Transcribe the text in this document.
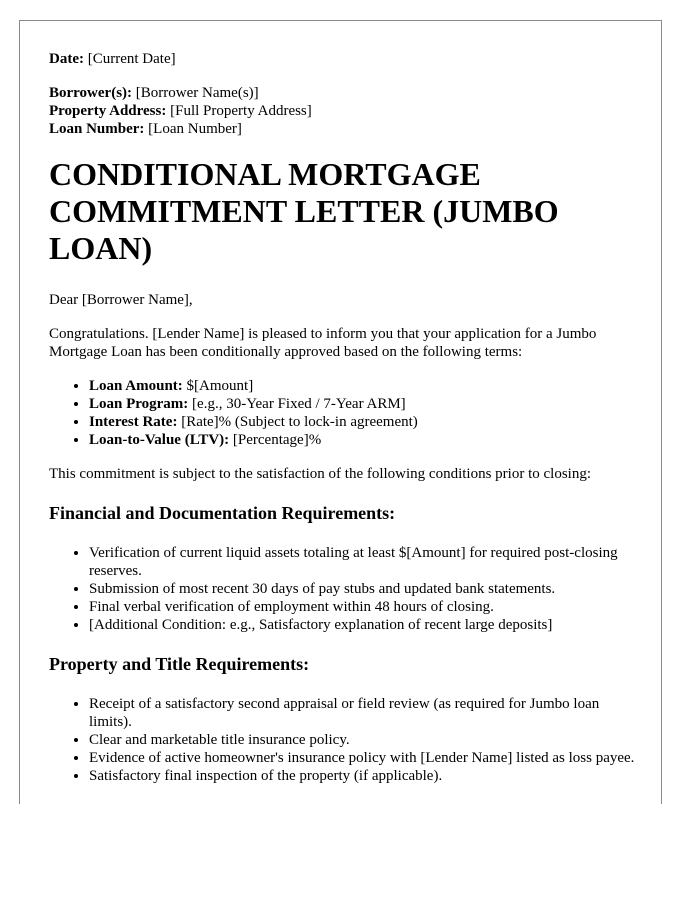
Date: [Current Date]

Borrower(s): [Borrower Name(s)]

Property Address: [Full Property Address]

Loan Number: [Loan Number]

CONDITIONAL MORTGAGE COMMITMENT LETTER (JUMBO LOAN)

Dear [Borrower Name],

Congratulations. [Lender Name] is pleased to inform you that your application for a Jumbo Mortgage Loan has been conditionally approved based on the following terms:

• Loan Amount: $[Amount]
• Loan Program: [e.g., 30-Year Fixed / 7-Year ARM]
• Interest Rate: [Rate]% (Subject to lock-in agreement)
• Loan-to-Value (LTV): [Percentage]%

This commitment is subject to the satisfaction of the following conditions prior to closing:

Financial and Documentation Requirements:
• Verification of current liquid assets totaling at least $[Amount] for required post-closing reserves.
• Submission of most recent 30 days of pay stubs and updated bank statements.
• Final verbal verification of employment within 48 hours of closing.
• [Additional Condition: e.g., Satisfactory explanation of recent large deposits]
Property and Title Requirements:
• Receipt of a satisfactory second appraisal or field review (as required for Jumbo loan limits).
• Clear and marketable title insurance policy.
• Evidence of active homeowner's insurance policy with [Lender Name] listed as loss payee.
• Satisfactory final inspection of the property (if applicable).
